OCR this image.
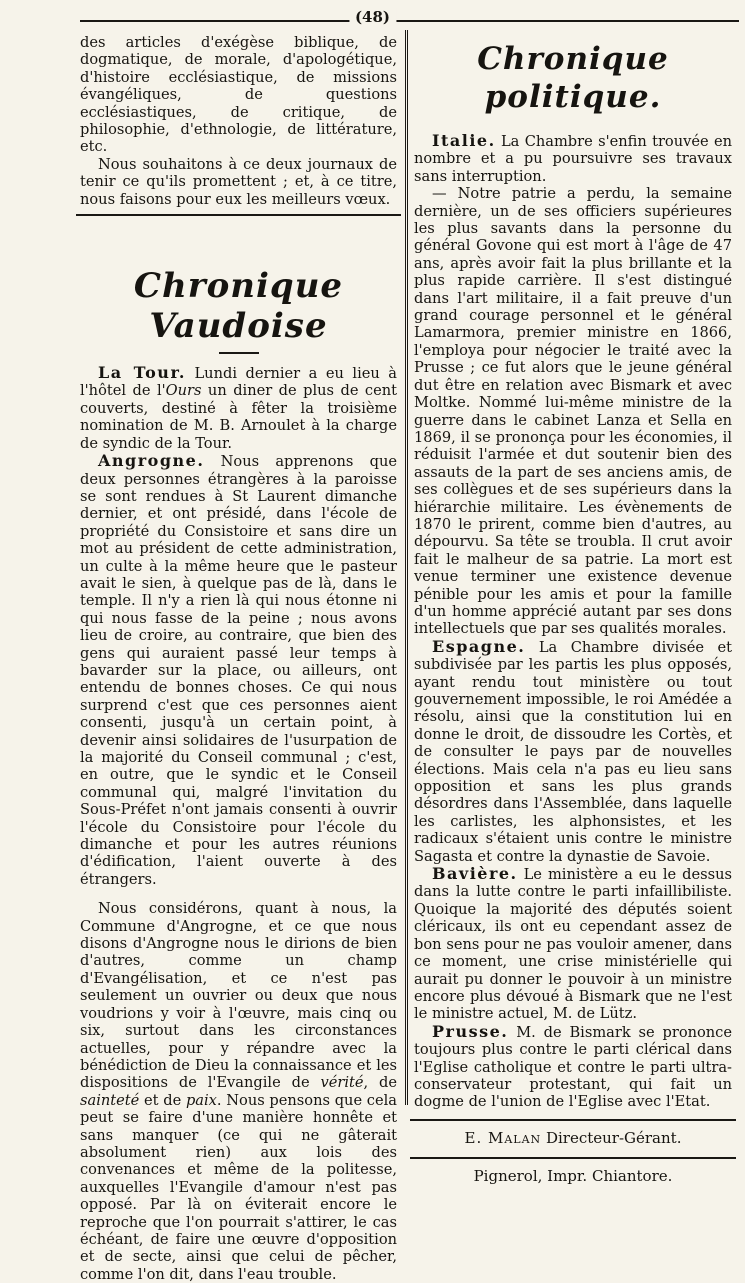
(48)

des articles d'exégèse biblique, de dogmatique, de morale, d'apologétique, d'histoire ecclésiastique, de missions évangéliques, de questions ecclésiastiques, de critique, de philosophie, d'ethnologie, de littérature, etc.

Nous souhaitons à ce deux journaux de tenir ce qu'ils promettent ; et, à ce titre, nous faisons pour eux les meilleurs vœux.

Chronique Vaudoise

La Tour. Lundi dernier a eu lieu à l'hôtel de l'Ours un diner de plus de cent couverts, destiné à fêter la troisième nomination de M. B. Arnoulet à la charge de syndic de la Tour.

Angrogne. Nous apprenons que deux personnes étrangères à la paroisse se sont rendues à St Laurent dimanche dernier, et ont présidé, dans l'école de propriété du Consistoire et sans dire un mot au président de cette administration, un culte à la même heure que le pasteur avait le sien, à quelque pas de là, dans le temple. Il n'y a rien là qui nous étonne ni qui nous fasse de la peine ; nous avons lieu de croire, au contraire, que bien des gens qui auraient passé leur temps à bavarder sur la place, ou ailleurs, ont entendu de bonnes choses. Ce qui nous surprend c'est que ces personnes aient consenti, jusqu'à un certain point, à devenir ainsi solidaires de l'usurpation de la majorité du Conseil communal ; c'est, en outre, que le syndic et le Conseil communal qui, malgré l'invitation du Sous-Préfet n'ont jamais consenti à ouvrir l'école du Consistoire pour l'école du dimanche et pour les autres réunions d'édification, l'aient ouverte à des étrangers.

Nous considérons, quant à nous, la Commune d'Angrogne, et ce que nous disons d'Angrogne nous le dirions de bien d'autres, comme un champ d'Evangélisation, et ce n'est pas seulement un ouvrier ou deux que nous voudrions y voir à l'œuvre, mais cinq ou six, surtout dans les circonstances actuelles, pour y répandre avec la bénédiction de Dieu la connaissance et les dispositions de l'Evangile de vérité, de sainteté et de paix. Nous pensons que cela peut se faire d'une manière honnête et sans manquer (ce qui ne gâterait absolument rien) aux lois des convenances et même de la politesse, auxquelles l'Evangile d'amour n'est pas opposé. Par là on éviterait encore le reproche que l'on pourrait s'attirer, le cas échéant, de faire une œuvre d'opposition et de secte, ainsi que celui de pêcher, comme l'on dit, dans l'eau trouble.

Chronique politique.

Italie. La Chambre s'enfin trouvée en nombre et a pu poursuivre ses travaux sans interruption.

— Notre patrie a perdu, la semaine dernière, un de ses officiers supérieures les plus savants dans la personne du général Govone qui est mort à l'âge de 47 ans, après avoir fait la plus brillante et la plus rapide carrière. Il s'est distingué dans l'art militaire, il a fait preuve d'un grand courage personnel et le général Lamarmora, premier ministre en 1866, l'employa pour négocier le traité avec la Prusse ; ce fut alors que le jeune général dut être en relation avec Bismark et avec Moltke. Nommé lui-même ministre de la guerre dans le cabinet Lanza et Sella en 1869, il se prononça pour les économies, il réduisit l'armée et dut soutenir bien des assauts de la part de ses anciens amis, de ses collègues et de ses supérieurs dans la hiérarchie militaire. Les évènements de 1870 le prirent, comme bien d'autres, au dépourvu. Sa tête se troubla. Il crut avoir fait le malheur de sa patrie. La mort est venue terminer une existence devenue pénible pour les amis et pour la famille d'un homme apprécié autant par ses dons intellectuels que par ses qualités morales.

Espagne. La Chambre divisée et subdivisée par les partis les plus opposés, ayant rendu tout ministère ou tout gouvernement impossible, le roi Amédée a résolu, ainsi que la constitution lui en donne le droit, de dissoudre les Cortès, et de consulter le pays par de nouvelles élections. Mais cela n'a pas eu lieu sans opposition et sans les plus grands désordres dans l'Assemblée, dans laquelle les carlistes, les alphonsistes, et les radicaux s'étaient unis contre le ministre Sagasta et contre la dynastie de Savoie.

Bavière. Le ministère a eu le dessus dans la lutte contre le parti infaillibiliste. Quoique la majorité des députés soient cléricaux, ils ont eu cependant assez de bon sens pour ne pas vouloir amener, dans ce moment, une crise ministérielle qui aurait pu donner le pouvoir à un ministre encore plus dévoué à Bismark que ne l'est le ministre actuel, M. de Lütz.

Prusse. M. de Bismark se prononce toujours plus contre le parti clérical dans l'Eglise catholique et contre le parti ultra-conservateur protestant, qui fait un dogme de l'union de l'Eglise avec l'Etat.

E. Malan Directeur-Gérant.
Pignerol, Impr. Chiantore.
